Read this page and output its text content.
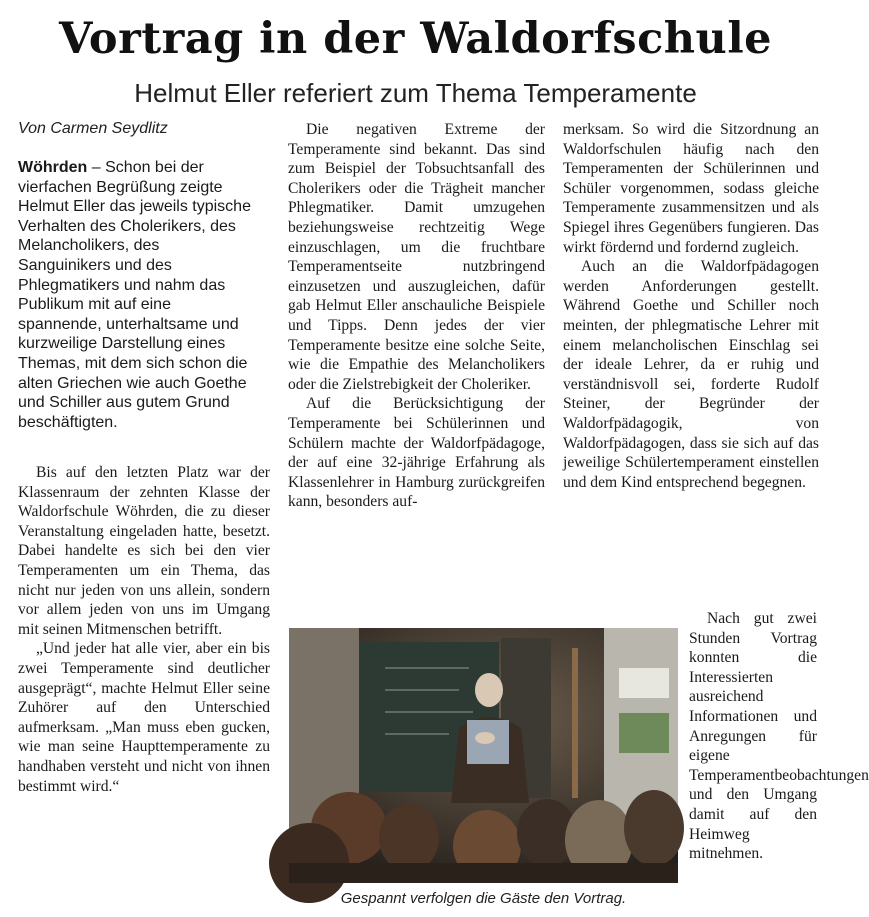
Vortrag in der Waldorfschule
Helmut Eller referiert zum Thema Temperamente
Von Carmen Seydlitz
Wöhrden – Schon bei der vierfachen Begrüßung zeigte Helmut Eller das jeweils typische Verhalten des Cholerikers, des Melancholikers, des Sanguinikers und des Phlegmatikers und nahm das Publikum mit auf eine spannende, unterhaltsame und kurzweilige Darstellung eines Themas, mit dem sich schon die alten Griechen wie auch Goethe und Schiller aus gutem Grund beschäftigten.

Bis auf den letzten Platz war der Klassenraum der zehnten Klasse der Waldorfschule Wöhrden, die zu dieser Veranstaltung eingeladen hatte, besetzt. Dabei handelte es sich bei den vier Temperamenten um ein Thema, das nicht nur jeden von uns allein, sondern vor allem jeden von uns im Umgang mit seinen Mitmenschen betrifft.

„Und jeder hat alle vier, aber ein bis zwei Temperamente sind deutlicher ausgeprägt“, machte Helmut Eller seine Zuhörer auf den Unterschied aufmerksam. „Man muss eben gucken, wie man seine Haupttemperamente zu handhaben versteht und nicht von ihnen bestimmt wird.“

Die negativen Extreme der Temperamente sind bekannt. Das sind zum Beispiel der Tobsuchtsanfall des Cholerikers oder die Trägheit mancher Phlegmatiker. Damit umzugehen beziehungsweise rechtzeitig Wege einzuschlagen, um die fruchtbare Temperamentseite nutzbringend einzusetzen und auszugleichen, dafür gab Helmut Eller anschauliche Beispiele und Tipps. Denn jedes der vier Temperamente besitze eine solche Seite, wie die Empathie des Melancholikers oder die Zielstrebigkeit der Choleriker.

Auf die Berücksichtigung der Temperamente bei Schülerinnen und Schülern machte der Waldorfpädagoge, der auf eine 32-jährige Erfahrung als Klassenlehrer in Hamburg zurückgreifen kann, besonders auf-

merksam. So wird die Sitzordnung an Waldorfschulen häufig nach den Temperamenten der Schülerinnen und Schüler vorgenommen, sodass gleiche Temperamente zusammensitzen und als Spiegel ihres Gegenübers fungieren. Das wirkt fördernd und fordernd zugleich.

Auch an die Waldorfpädagogen werden Anforderungen gestellt. Während Goethe und Schiller noch meinten, der phlegmatische Lehrer mit einem melancholischen Einschlag sei der ideale Lehrer, da er ruhig und verständnisvoll sei, forderte Rudolf Steiner, der Begründer der Waldorfpädagogik, von Waldorfpädagogen, dass sie sich auf das jeweilige Schülertemperament einstellen und dem Kind entsprechend begegnen.

Nach gut zwei Stunden Vortrag konnten die Interessierten ausreichend Informationen und Anregungen für eigene Temperamentbeobachtungen und den Umgang damit auf den Heimweg mitnehmen.

Gespannt verfolgen die Gäste den Vortrag.
